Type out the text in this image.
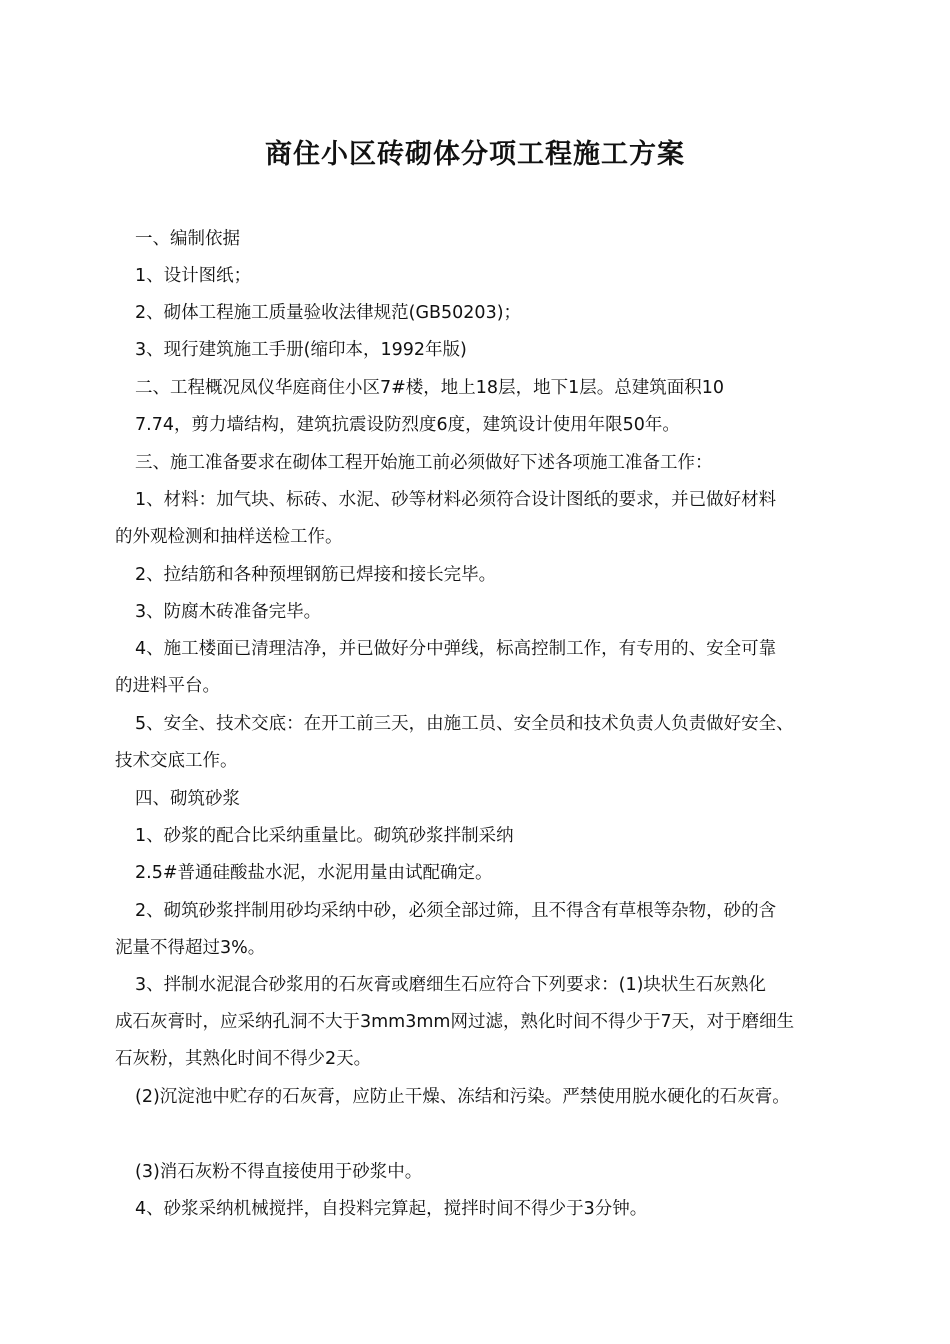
商住小区砖砌体分项工程施工方案

一、编制依据

1、设计图纸；

2、砌体工程施工质量验收法律规范(GB50203)；

3、现行建筑施工手册(缩印本，1992年版)

二、工程概况凤仪华庭商住小区7#楼，地上18层，地下1层。总建筑面积10

7.74，剪力墙结构，建筑抗震设防烈度6度，建筑设计使用年限50年。

三、施工准备要求在砌体工程开始施工前必须做好下述各项施工准备工作：

1、材料：加气块、标砖、水泥、砂等材料必须符合设计图纸的要求，并已做好材料

的外观检测和抽样送检工作。

2、拉结筋和各种预埋钢筋已焊接和接长完毕。

3、防腐木砖准备完毕。

4、施工楼面已清理洁净，并已做好分中弹线，标高控制工作，有专用的、安全可靠

的进料平台。

5、安全、技术交底：在开工前三天，由施工员、安全员和技术负责人负责做好安全、

技术交底工作。

四、砌筑砂浆

1、砂浆的配合比采纳重量比。砌筑砂浆拌制采纳

2.5#普通硅酸盐水泥，水泥用量由试配确定。

2、砌筑砂浆拌制用砂均采纳中砂，必须全部过筛，且不得含有草根等杂物，砂的含

泥量不得超过3%。

3、拌制水泥混合砂浆用的石灰膏或磨细生石应符合下列要求：(1)块状生石灰熟化

成石灰膏时，应采纳孔洞不大于3mm3mm网过滤，熟化时间不得少于7天，对于磨细生

石灰粉，其熟化时间不得少2天。

(2)沉淀池中贮存的石灰膏，应防止干燥、冻结和污染。严禁使用脱水硬化的石灰膏。

(3)消石灰粉不得直接使用于砂浆中。

4、砂浆采纳机械搅拌，自投料完算起，搅拌时间不得少于3分钟。
